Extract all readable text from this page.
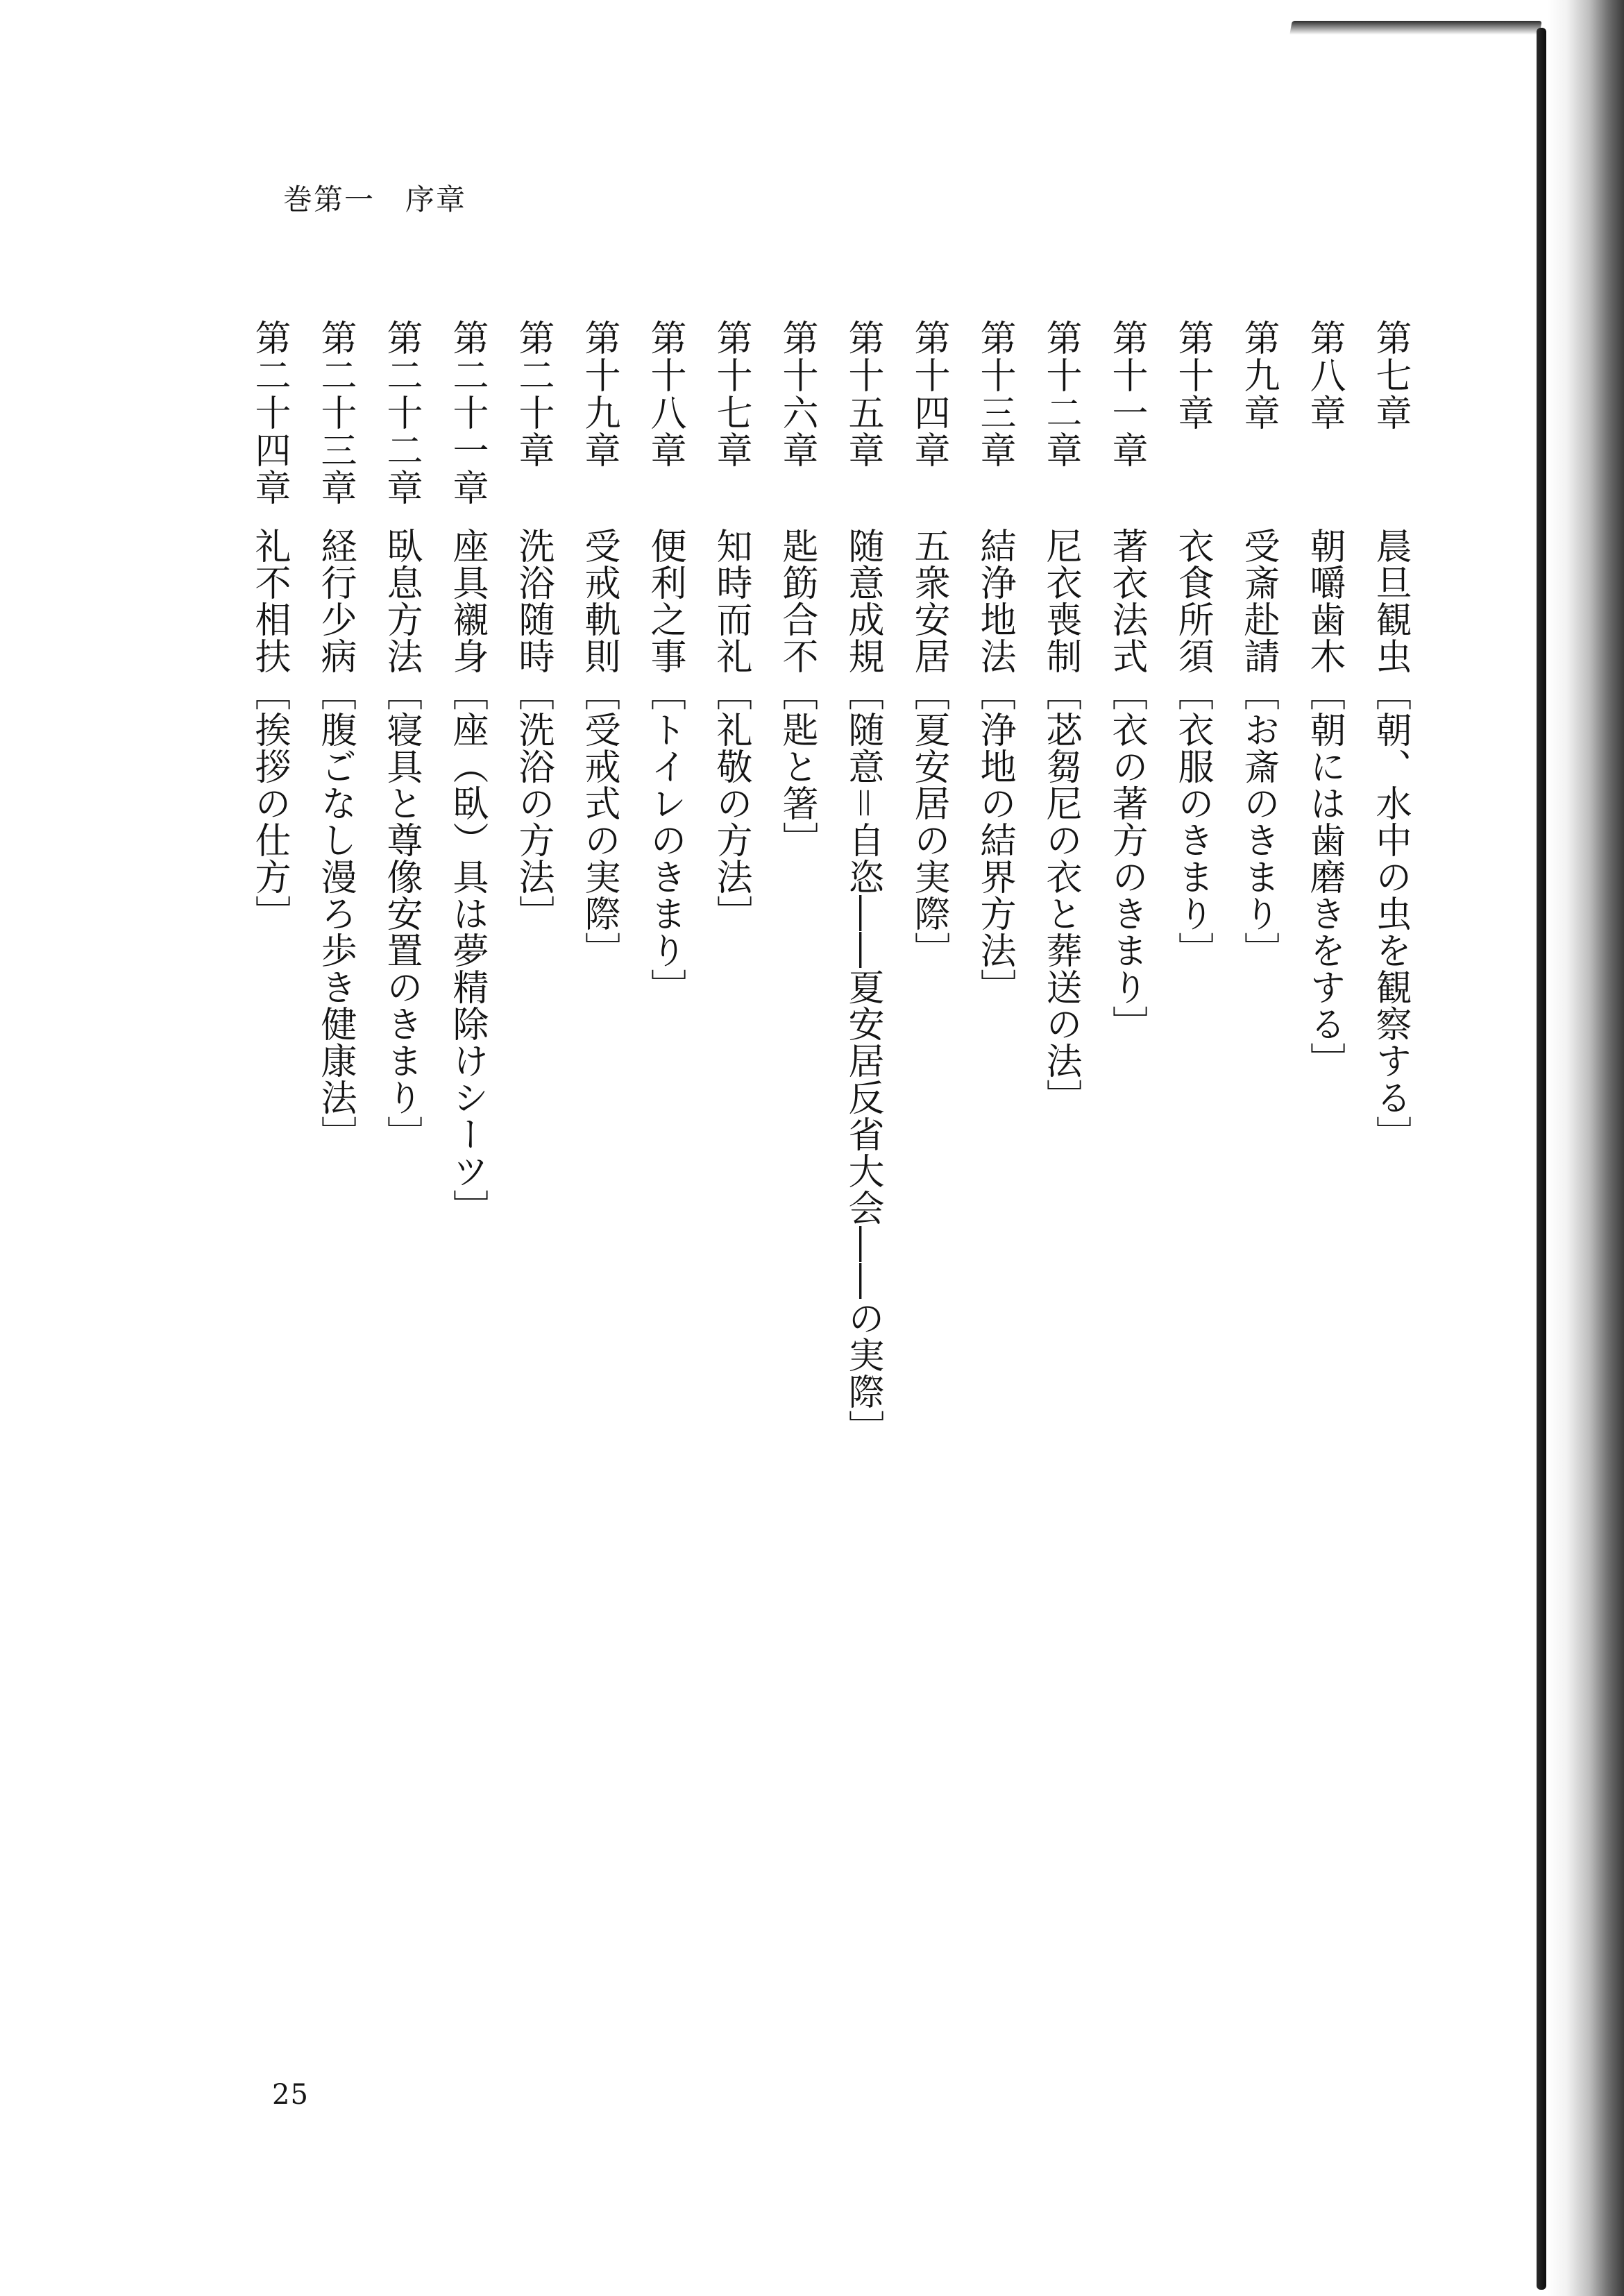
巻第一　序章
第七章
晨旦観虫［朝、水中の虫を観察する］
第八章
朝嚼歯木［朝には歯磨きをする］
第九章
受斎赴請［お斎のきまり］
第十章
衣食所須［衣服のきまり］
第十一章
著衣法式［衣の著方のきまり］
第十二章
尼衣喪制［苾芻尼の衣と葬送の法］
第十三章
結浄地法［浄地の結界方法］
第十四章
五衆安居［夏安居の実際］
第十五章
随意成規［随意＝自恣――夏安居反省大会――の実際］
第十六章
匙筯合不［匙と箸］
第十七章
知時而礼［礼敬の方法］
第十八章
便利之事［トイレのきまり］
第十九章
受戒軌則［受戒式の実際］
第二十章
洗浴随時［洗浴の方法］
第二十一章
座具襯身［座（臥）具は夢精除けシーツ］
第二十二章
臥息方法［寝具と尊像安置のきまり］
第二十三章
経行少病［腹ごなし漫ろ歩き健康法］
第二十四章
礼不相扶［挨拶の仕方］
25
